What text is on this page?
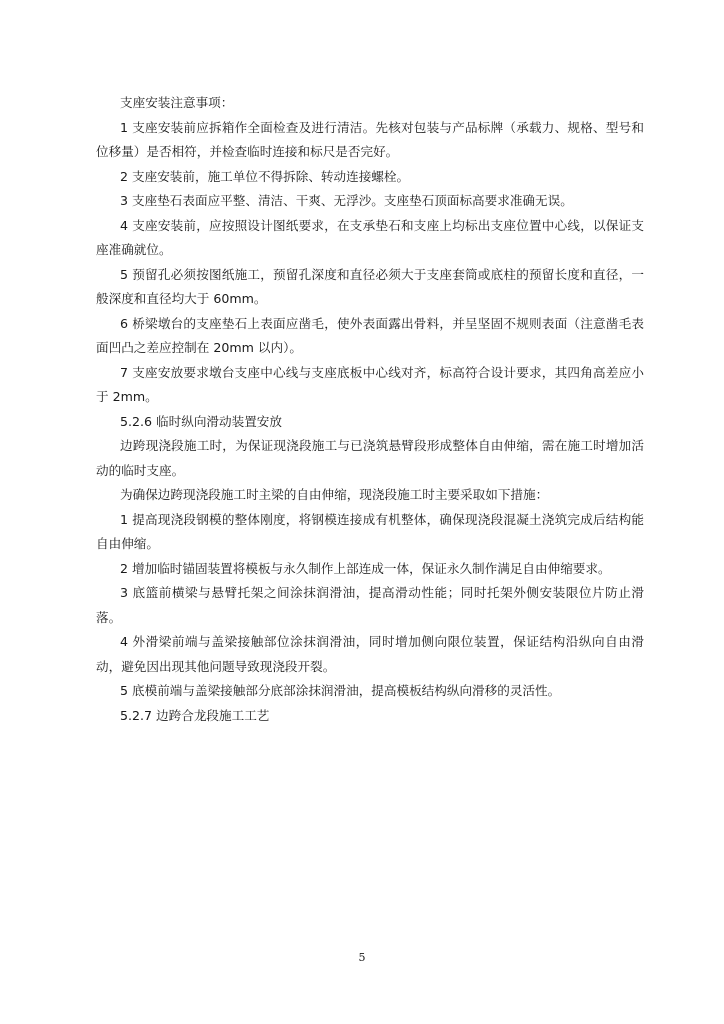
支座安装注意事项：

1 支座安装前应拆箱作全面检查及进行清洁。先核对包装与产品标牌（承载力、规格、型号和位移量）是否相符，并检查临时连接和标尺是否完好。

2 支座安装前，施工单位不得拆除、转动连接螺栓。

3 支座垫石表面应平整、清洁、干爽、无浮沙。支座垫石顶面标高要求准确无误。

4 支座安装前，应按照设计图纸要求，在支承垫石和支座上均标出支座位置中心线，以保证支座准确就位。

5 预留孔必须按图纸施工，预留孔深度和直径必须大于支座套筒或底柱的预留长度和直径，一般深度和直径均大于 60mm。

6 桥梁墩台的支座垫石上表面应凿毛，使外表面露出骨料，并呈坚固不规则表面（注意凿毛表面凹凸之差应控制在 20mm 以内）。

7 支座安放要求墩台支座中心线与支座底板中心线对齐，标高符合设计要求，其四角高差应小于 2mm。

5.2.6 临时纵向滑动装置安放

边跨现浇段施工时，为保证现浇段施工与已浇筑悬臂段形成整体自由伸缩，需在施工时增加活动的临时支座。

为确保边跨现浇段施工时主梁的自由伸缩，现浇段施工时主要采取如下措施：

1 提高现浇段钢模的整体刚度，将钢模连接成有机整体，确保现浇段混凝土浇筑完成后结构能自由伸缩。

2 增加临时锚固装置将模板与永久制作上部连成一体，保证永久制作满足自由伸缩要求。

3 底篮前横梁与悬臂托架之间涂抹润滑油，提高滑动性能；同时托架外侧安装限位片防止滑落。

4 外滑梁前端与盖梁接触部位涂抹润滑油，同时增加侧向限位装置，保证结构沿纵向自由滑动，避免因出现其他问题导致现浇段开裂。

5 底模前端与盖梁接触部分底部涂抹润滑油，提高模板结构纵向滑移的灵活性。

5.2.7 边跨合龙段施工工艺

5
